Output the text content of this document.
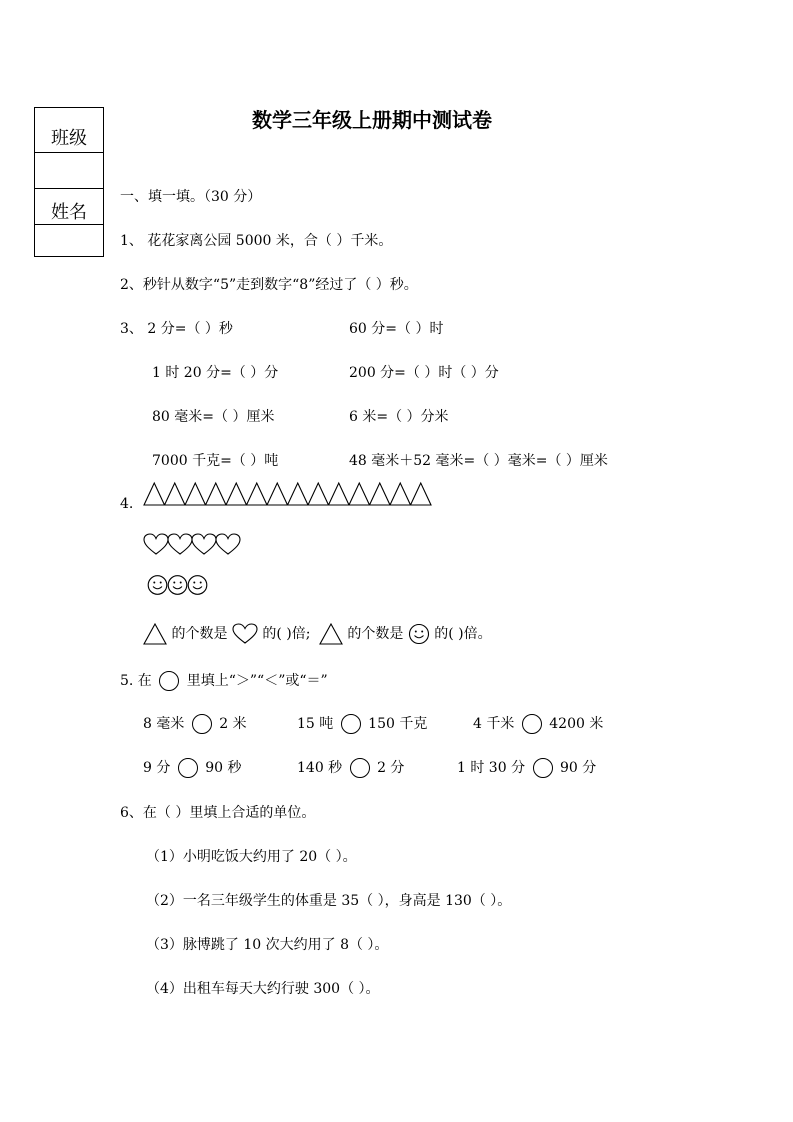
班级
姓名
数学三年级上册期中测试卷
一、填一填。（30 分）
1、 花花家离公园 5000 米，合（ ）千米。
2、秒针从数字“5”走到数字“8”经过了（ ）秒。
3、 2 分=（ ）秒	60 分=（ ）时
1 时 20 分=（ ）分	200 分=（ ）时（ ）分
80 毫米=（ ）厘米	6 米=（ ）分米
7000 千克=（ ）吨	48 毫米＋52 毫米=（ ）毫米=（ ）厘米
4.
的个数是 的( )倍;	的个数是 的( )倍。
5. 在 里填上“＞”“＜”或“＝”
8 毫米 2 米	15 吨 150 千克	4 千米 4200 米
9 分 90 秒	140 秒 2 分	1 时 30 分 90 分
6、在（ ）里填上合适的单位。
（1）小明吃饭大约用了 20（ ）。
（2）一名三年级学生的体重是 35（ ），身高是 130（ ）。
（3）脉博跳了 10 次大约用了 8（ ）。
（4）出租车每天大约行驶 300（ ）。
